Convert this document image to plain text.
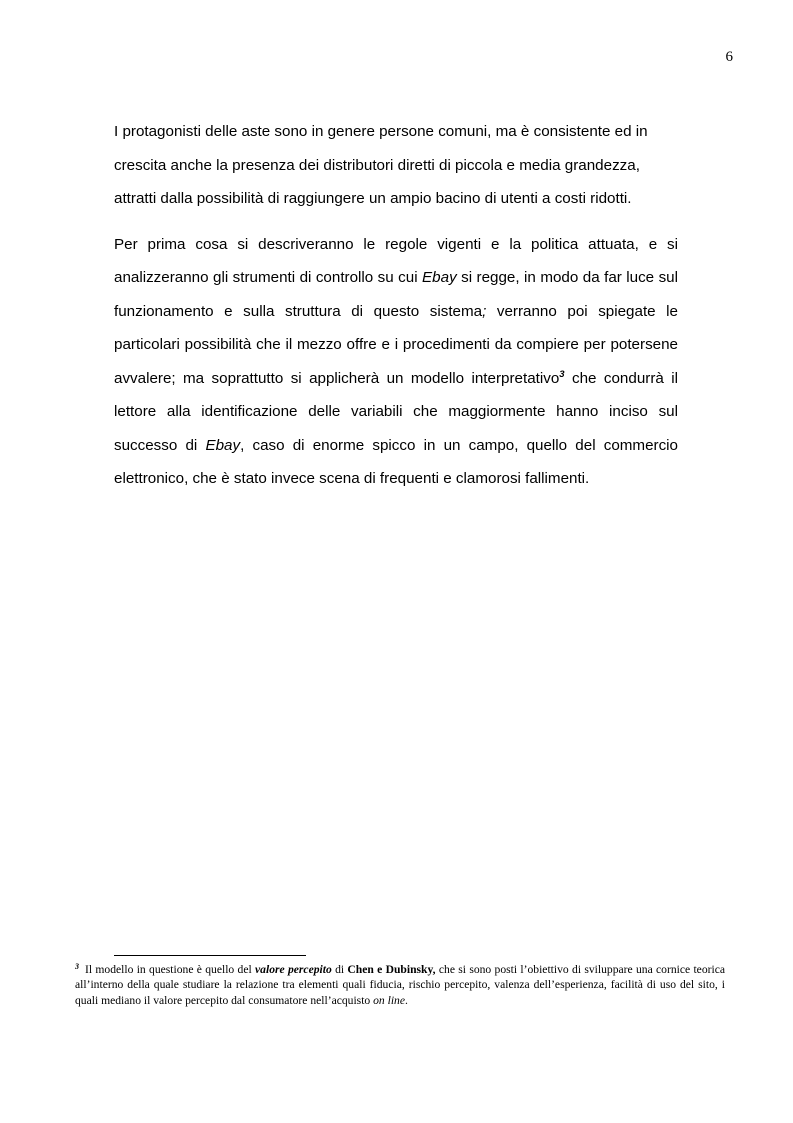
6

I protagonisti delle aste sono in genere persone comuni, ma è consistente ed in crescita anche la presenza dei distributori diretti di piccola e media grandezza, attratti dalla possibilità di raggiungere un ampio bacino di utenti a costi ridotti.

Per prima cosa si descriveranno le regole vigenti e la politica attuata, e si analizzeranno gli strumenti di controllo su cui Ebay si regge, in modo da far luce sul funzionamento e sulla struttura di questo sistema; verranno poi spiegate le particolari possibilità che il mezzo offre e i procedimenti da compiere per potersene avvalere; ma soprattutto si applicherà un modello interpretativo$^3$ che condurrà il lettore alla identificazione delle variabili che maggiormente hanno inciso sul successo di Ebay, caso di enorme spicco in un campo, quello del commercio elettronico, che è stato invece scena di frequenti e clamorosi fallimenti.

$^3$ Il modello in questione è quello del valore percepito di Chen e Dubinsky, che si sono posti l’obiettivo di sviluppare una cornice teorica all’interno della quale studiare la relazione tra elementi quali fiducia, rischio percepito, valenza dell’esperienza, facilità di uso del sito, i quali mediano il valore percepito dal consumatore nell’acquisto on line.
